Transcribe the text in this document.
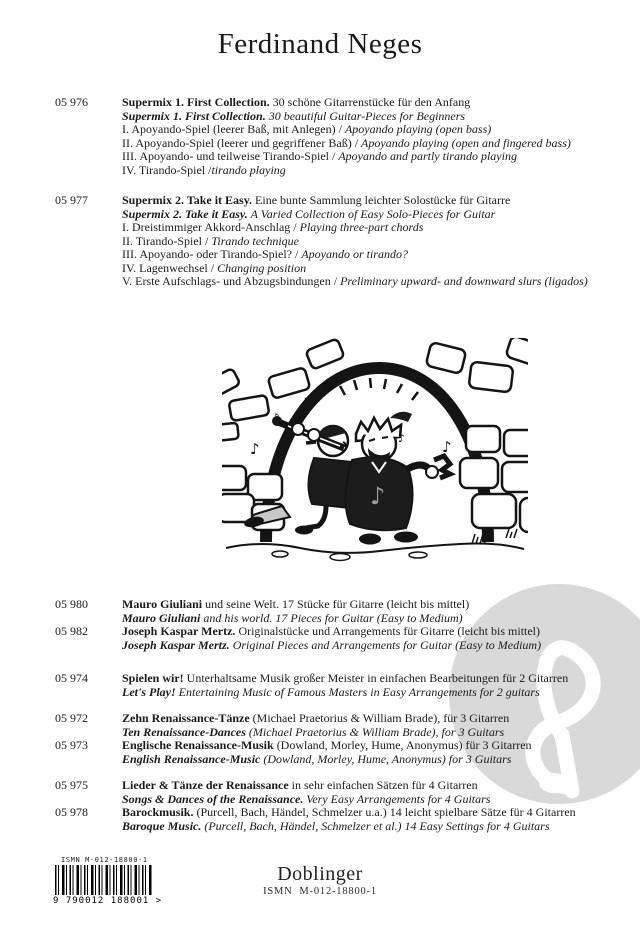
Ferdinand Neges
05 976	Supermix 1. First Collection. 30 schöne Gitarrenstücke für den Anfang
Supermix 1. First Collection. 30 beautiful Guitar-Pieces for Beginners
I. Apoyando-Spiel (leerer Baß, mit Anlegen) / Apoyando playing (open bass)
II. Apoyando-Spiel (leerer und gegriffener Baß) / Apoyando playing (open and fingered bass)
III. Apoyando- und teilweise Tirando-Spiel / Apoyando and partly tirando playing
IV. Tirando-Spiel /tirando playing
05 977	Supermix 2. Take it Easy. Eine bunte Sammlung leichter Solostücke für Gitarre
Supermix 2. Take it Easy. A Varied Collection of Easy Solo-Pieces for Guitar
I. Dreistimmiger Akkord-Anschlag / Playing three-part chords
II. Tirando-Spiel / Tirando technique
III. Apoyando- oder Tirando-Spiel? / Apoyando or tirando?
IV. Lagenwechsel / Changing position
V. Erste Aufschlags- und Abzugsbindungen / Preliminary upward- and downward slurs (ligados)
♪
♪
♪
♪	♪
♪
05 980	Mauro Giuliani und seine Welt. 17 Stücke für Gitarre (leicht bis mittel)
Mauro Giuliani and his world. 17 Pieces for Guitar (Easy to Medium)
05 982	Joseph Kaspar Mertz. Originalstücke und Arrangements für Gitarre (leicht bis mittel)
Joseph Kaspar Mertz. Original Pieces and Arrangements for Guitar (Easy to Medium)
05 974	Spielen wir! Unterhaltsame Musik großer Meister in einfachen Bearbeitungen für 2 Gitarren
Let's Play! Entertaining Music of Famous Masters in Easy Arrangements for 2 guitars
05 972	Zehn Renaissance-Tänze (Michael Praetorius & William Brade), für 3 Gitarren
Ten Renaissance-Dances (Michael Praetorius & William Brade), for 3 Guitars
05 973	Englische Renaissance-Musik (Dowland, Morley, Hume, Anonymus) für 3 Gitarren
English Renaissance-Music (Dowland, Morley, Hume, Anonymus) for 3 Guitars
05 975	Lieder & Tänze der Renaissance in sehr einfachen Sätzen für 4 Gitarren
Songs & Dances of the Renaissance. Very Easy Arrangements for 4 Guitars
05 978	Barockmusik. (Purcell, Bach, Händel, Schmelzer u.a.) 14 leicht spielbare Sätze für 4 Gitarren
Baroque Music. (Purcell, Bach, Händel, Schmelzer et al.) 14 Easy Settings for 4 Guitars
ISMN M-012-18800-1
9 790012 188001 >
Doblinger
ISMN  M-012-18800-1
